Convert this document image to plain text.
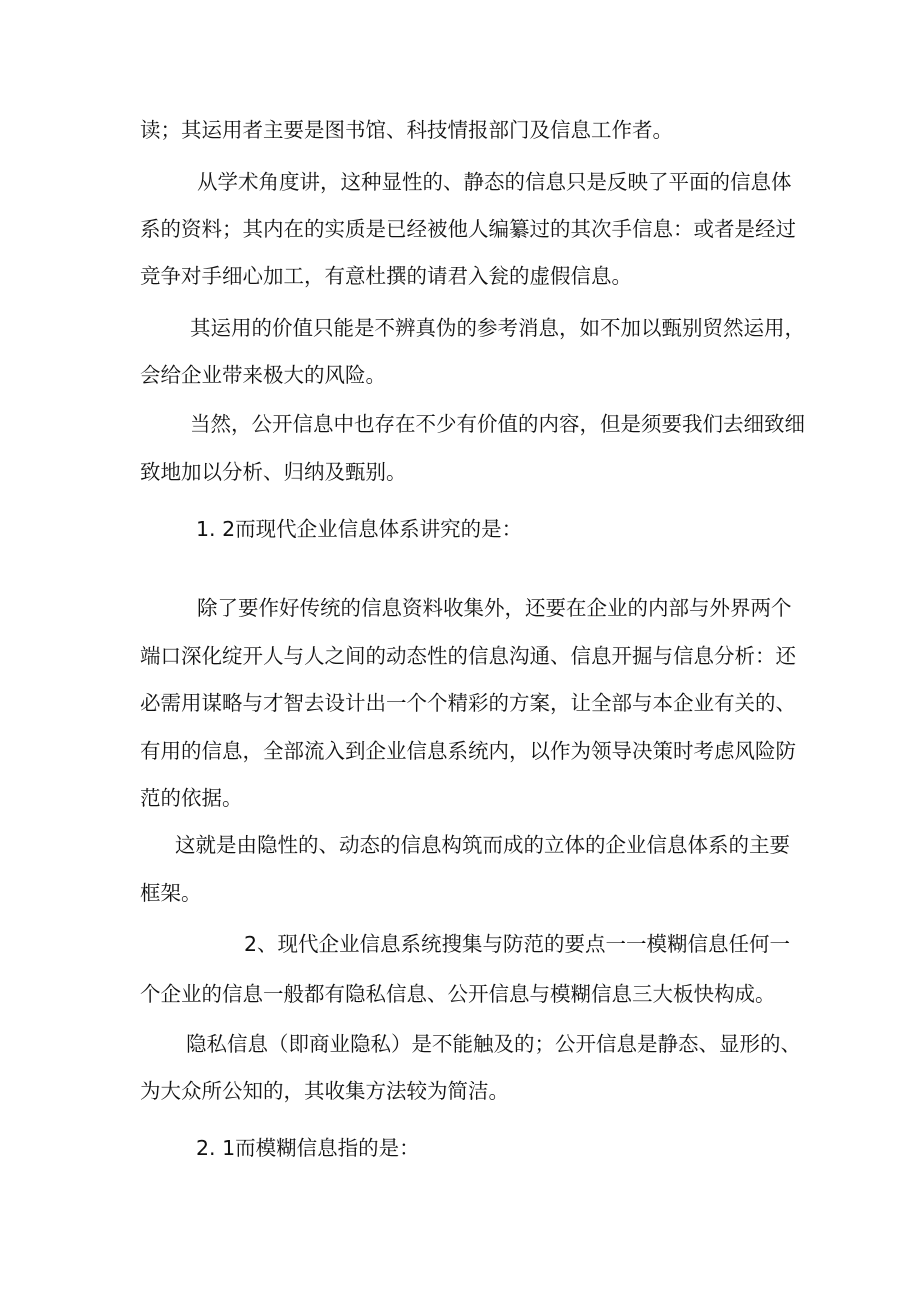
读；其运用者主要是图书馆、科技情报部门及信息工作者。
从学术角度讲，这种显性的、静态的信息只是反映了平面的信息体
系的资料；其内在的实质是已经被他人编纂过的其次手信息：或者是经过
竞争对手细心加工，有意杜撰的请君入瓮的虚假信息。
其运用的价值只能是不辨真伪的参考消息，如不加以甄别贸然运用，
会给企业带来极大的风险。
当然，公开信息中也存在不少有价值的内容，但是须要我们去细致细
致地加以分析、归纳及甄别。
1. 2而现代企业信息体系讲究的是：
除了要作好传统的信息资料收集外，还要在企业的内部与外界两个
端口深化绽开人与人之间的动态性的信息沟通、信息开掘与信息分析：还
必需用谋略与才智去设计出一个个精彩的方案，让全部与本企业有关的、
有用的信息，全部流入到企业信息系统内，以作为领导决策时考虑风险防
范的依据。
这就是由隐性的、动态的信息构筑而成的立体的企业信息体系的主要
框架。
2、现代企业信息系统搜集与防范的要点一一模糊信息任何一
个企业的信息一般都有隐私信息、公开信息与模糊信息三大板快构成。
隐私信息（即商业隐私）是不能触及的；公开信息是静态、显形的、
为大众所公知的，其收集方法较为简洁。
2. 1而模糊信息指的是：
